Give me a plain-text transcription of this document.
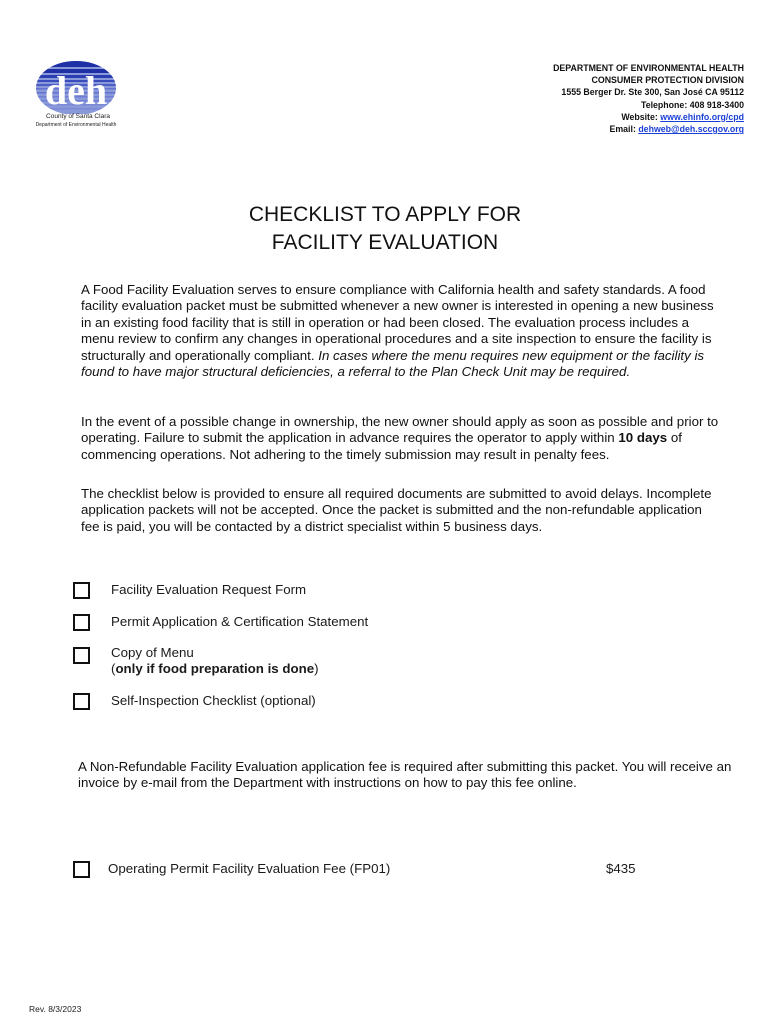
deh
County of Santa Clara
Department of Environmental Health
DEPARTMENT OF ENVIRONMENTAL HEALTH
CONSUMER PROTECTION DIVISION
1555 Berger Dr. Ste 300, San José CA 95112
Telephone: 408 918-3400
Website: www.ehinfo.org/cpd
Email: dehweb@deh.sccgov.org
CHECKLIST TO APPLY FOR
FACILITY EVALUATION
A Food Facility Evaluation serves to ensure compliance with California health and safety standards. A food facility evaluation packet must be submitted whenever a new owner is interested in opening a new business in an existing food facility that is still in operation or had been closed. The evaluation process includes a menu review to confirm any changes in operational procedures and a site inspection to ensure the facility is structurally and operationally compliant. In cases where the menu requires new equipment or the facility is found to have major structural deficiencies, a referral to the Plan Check Unit may be required.
In the event of a possible change in ownership, the new owner should apply as soon as possible and prior to operating. Failure to submit the application in advance requires the operator to apply within 10 days of commencing operations. Not adhering to the timely submission may result in penalty fees.
The checklist below is provided to ensure all required documents are submitted to avoid delays. Incomplete application packets will not be accepted. Once the packet is submitted and the non-refundable application fee is paid, you will be contacted by a district specialist within 5 business days.
Facility Evaluation Request Form
Permit Application & Certification Statement
Copy of Menu
(only if food preparation is done)
Self-Inspection Checklist (optional)
A Non-Refundable Facility Evaluation application fee is required after submitting this packet. You will receive an invoice by e-mail from the Department with instructions on how to pay this fee online.
Operating Permit Facility Evaluation Fee (FP01)	$435
Rev. 8/3/2023
